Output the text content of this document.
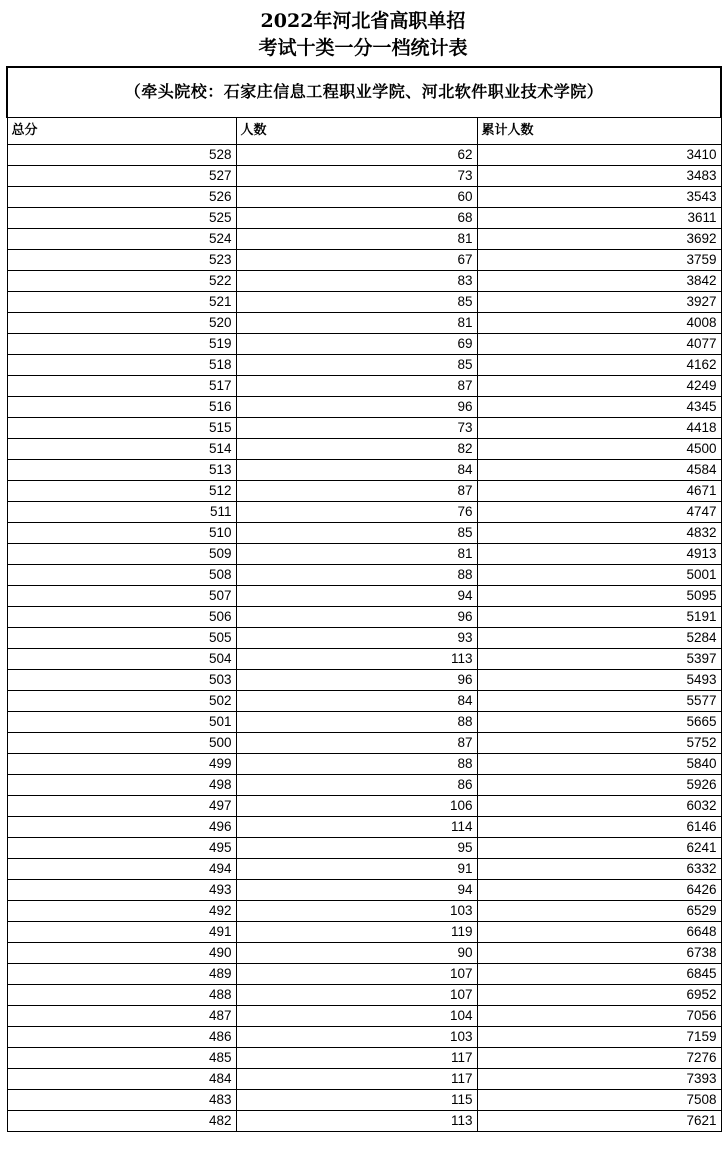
2022年河北省高职单招
考试十类一分一档统计表
（牵头院校：石家庄信息工程职业学院、河北软件职业技术学院）		
总分	人数	累计人数
528	62	3410
527	73	3483
526	60	3543
525	68	3611
524	81	3692
523	67	3759
522	83	3842
521	85	3927
520	81	4008
519	69	4077
518	85	4162
517	87	4249
516	96	4345
515	73	4418
514	82	4500
513	84	4584
512	87	4671
511	76	4747
510	85	4832
509	81	4913
508	88	5001
507	94	5095
506	96	5191
505	93	5284
504	113	5397
503	96	5493
502	84	5577
501	88	5665
500	87	5752
499	88	5840
498	86	5926
497	106	6032
496	114	6146
495	95	6241
494	91	6332
493	94	6426
492	103	6529
491	119	6648
490	90	6738
489	107	6845
488	107	6952
487	104	7056
486	103	7159
485	117	7276
484	117	7393
483	115	7508
482	113	7621
